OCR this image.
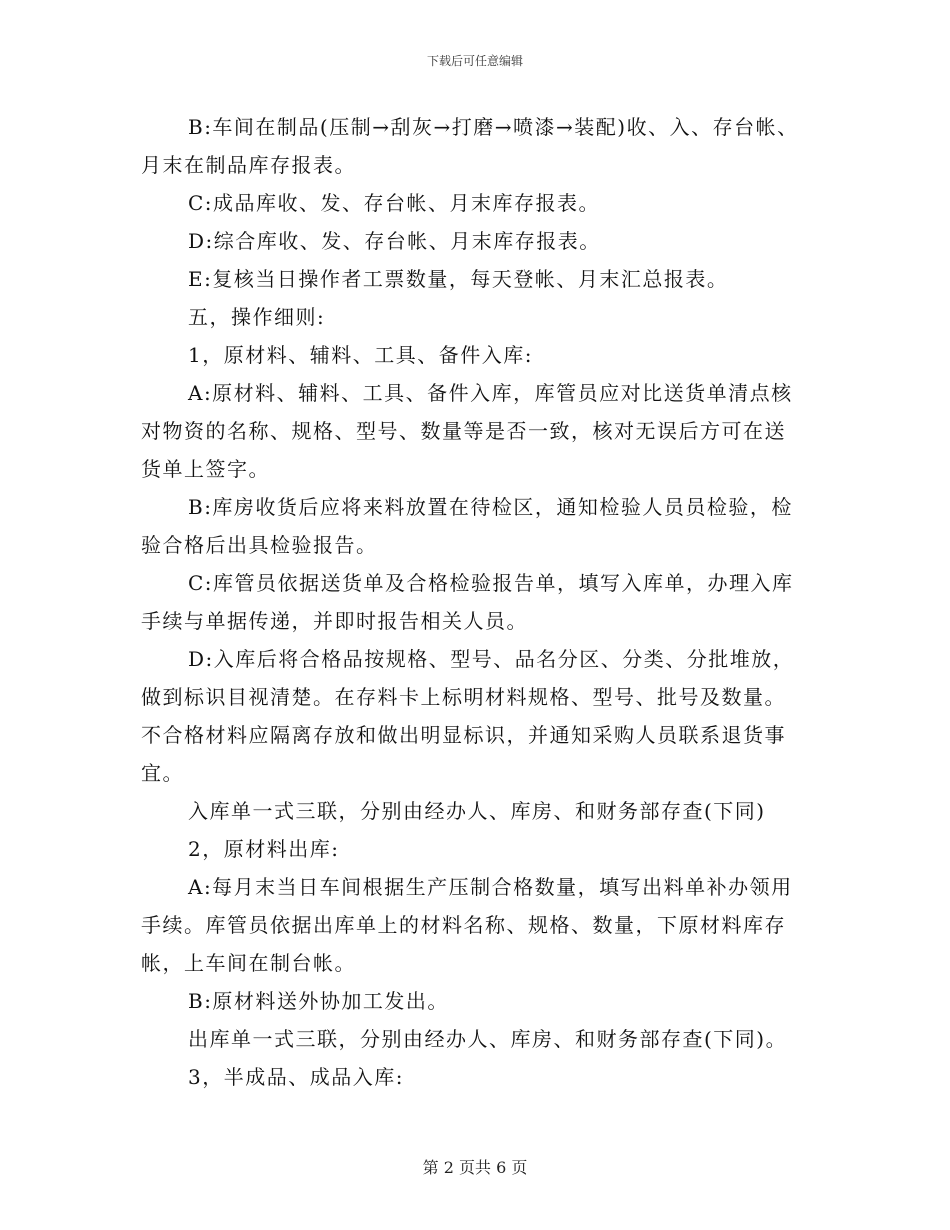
下载后可任意编辑
B:车间在制品(压制→刮灰→打磨→喷漆→装配)收、入、存台帐、
月末在制品库存报表。
C:成品库收、发、存台帐、月末库存报表。
D:综合库收、发、存台帐、月末库存报表。
E:复核当日操作者工票数量，每天登帐、月末汇总报表。
五，操作细则:
1，原材料、辅料、工具、备件入库:
A:原材料、辅料、工具、备件入库，库管员应对比送货单清点核
对物资的名称、规格、型号、数量等是否一致，核对无误后方可在送
货单上签字。
B:库房收货后应将来料放置在待检区，通知检验人员员检验，检
验合格后出具检验报告。
C:库管员依据送货单及合格检验报告单，填写入库单，办理入库
手续与单据传递，并即时报告相关人员。
D:入库后将合格品按规格、型号、品名分区、分类、分批堆放，
做到标识目视清楚。在存料卡上标明材料规格、型号、批号及数量。
不合格材料应隔离存放和做出明显标识，并通知采购人员联系退货事
宜。
入库单一式三联，分别由经办人、库房、和财务部存查(下同)
2，原材料出库:
A:每月末当日车间根据生产压制合格数量，填写出料单补办领用
手续。库管员依据出库单上的材料名称、规格、数量，下原材料库存
帐，上车间在制台帐。
B:原材料送外协加工发出。
出库单一式三联，分别由经办人、库房、和财务部存查(下同)。
3，半成品、成品入库:
第 2 页共 6 页
